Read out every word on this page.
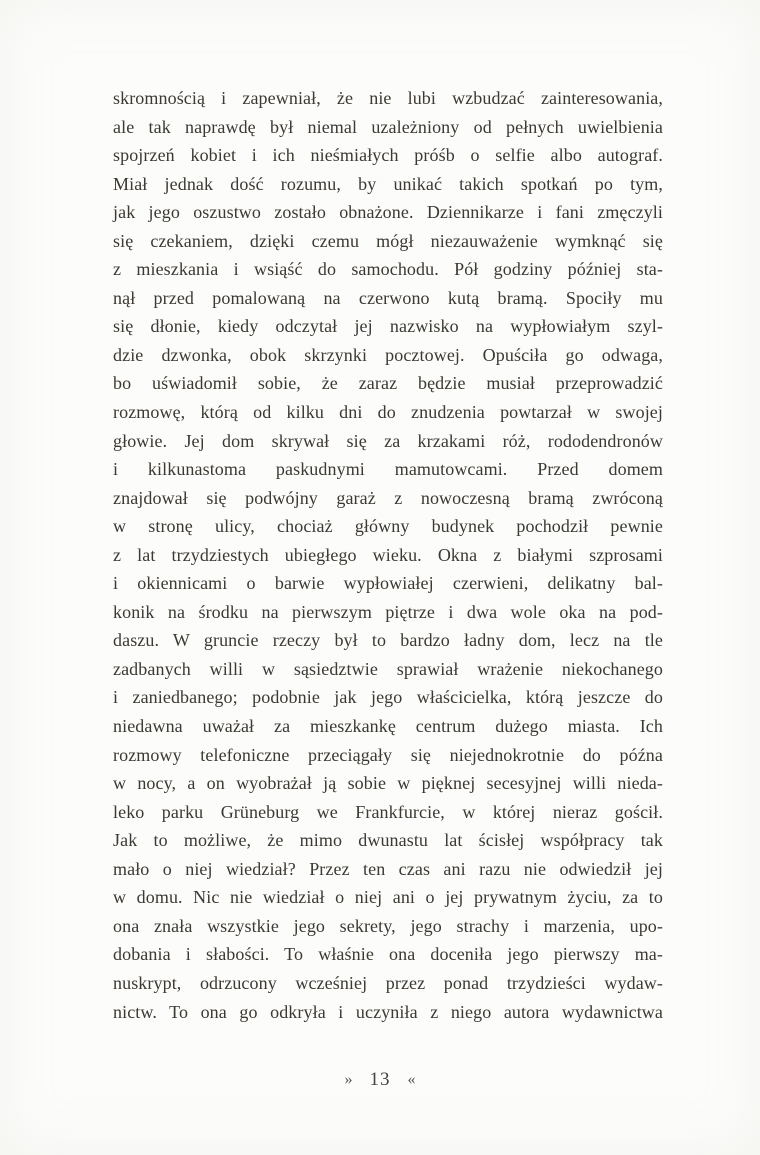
skromnością i zapewniał, że nie lubi wzbudzać zainteresowania,
ale tak naprawdę był niemal uzależniony od pełnych uwielbienia
spojrzeń kobiet i ich nieśmiałych próśb o selfie albo autograf.
Miał jednak dość rozumu, by unikać takich spotkań po tym,
jak jego oszustwo zostało obnażone. Dziennikarze i fani zmęczyli
się czekaniem, dzięki czemu mógł niezauważenie wymknąć się
z mieszkania i wsiąść do samochodu. Pół godziny później sta-
nął przed pomalowaną na czerwono kutą bramą. Spociły mu
się dłonie, kiedy odczytał jej nazwisko na wypłowiałym szyl-
dzie dzwonka, obok skrzynki pocztowej. Opuściła go odwaga,
bo uświadomił sobie, że zaraz będzie musiał przeprowadzić
rozmowę, którą od kilku dni do znudzenia powtarzał w swojej
głowie. Jej dom skrywał się za krzakami róż, rododendronów
i kilkunastoma paskudnymi mamutowcami. Przed domem
znajdował się podwójny garaż z nowoczesną bramą zwróconą
w stronę ulicy, chociaż główny budynek pochodził pewnie
z lat trzydziestych ubiegłego wieku. Okna z białymi szprosami
i okiennicami o barwie wypłowiałej czerwieni, delikatny bal-
konik na środku na pierwszym piętrze i dwa wole oka na pod-
daszu. W gruncie rzeczy był to bardzo ładny dom, lecz na tle
zadbanych willi w sąsiedztwie sprawiał wrażenie niekochanego
i zaniedbanego; podobnie jak jego właścicielka, którą jeszcze do
niedawna uważał za mieszkankę centrum dużego miasta. Ich
rozmowy telefoniczne przeciągały się niejednokrotnie do późna
w nocy, a on wyobrażał ją sobie w pięknej secesyjnej willi nieda-
leko parku Grüneburg we Frankfurcie, w której nieraz gościł.
Jak to możliwe, że mimo dwunastu lat ścisłej współpracy tak
mało o niej wiedział? Przez ten czas ani razu nie odwiedził jej
w domu. Nic nie wiedział o niej ani o jej prywatnym życiu, za to
ona znała wszystkie jego sekrety, jego strachy i marzenia, upo-
dobania i słabości. To właśnie ona doceniła jego pierwszy ma-
nuskrypt, odrzucony wcześniej przez ponad trzydzieści wydaw-
nictw. To ona go odkryła i uczyniła z niego autora wydawnictwa
» 13 «
